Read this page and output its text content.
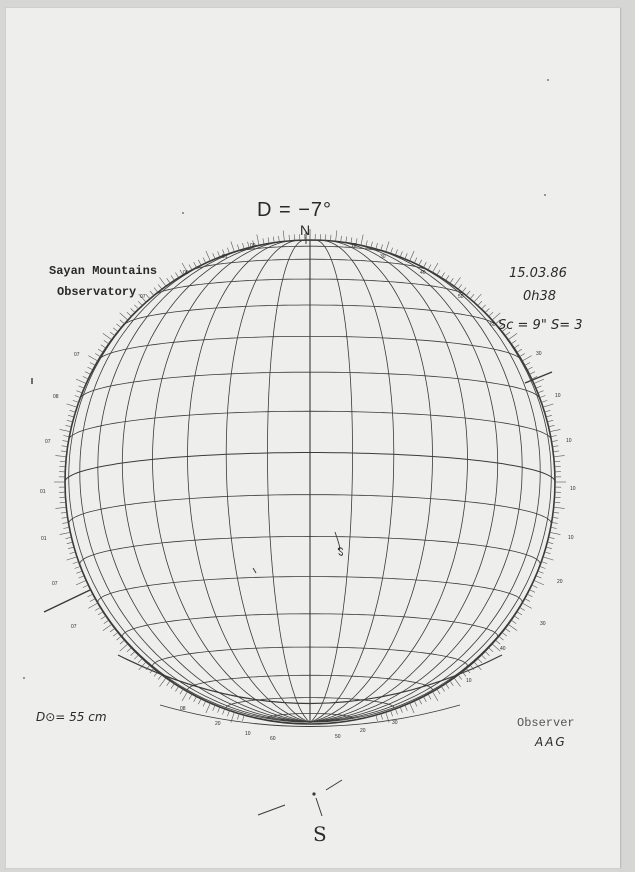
D = −7°
N
Sayan Mountains
Observatory
15.03.86
0h38
Sc = 9" S= 3
D⊙= 55 cm	Observer
AAG
S
ᔕ
07
08
07
01
01
07
07
30
10
10
10
10
20
30
40
10
01
05
07
09	10
30
40
50
60
08
20
10
60	50
20
30
